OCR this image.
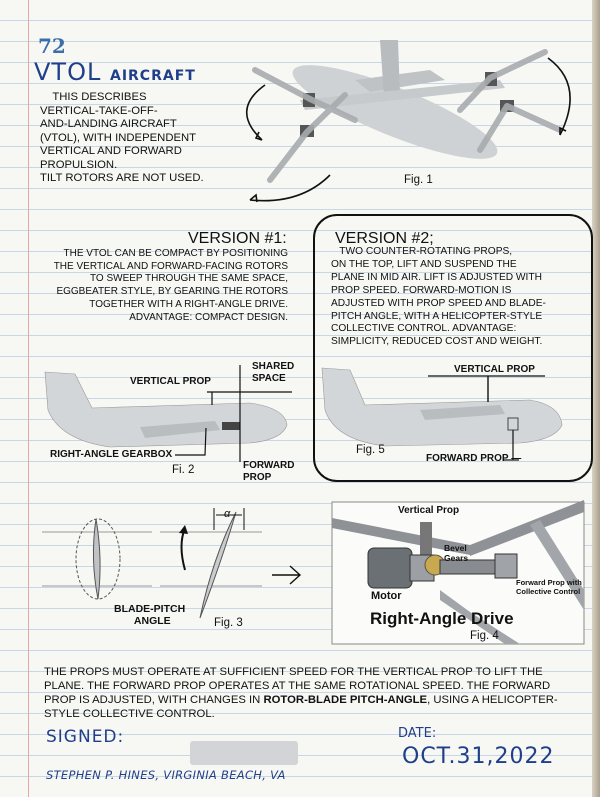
72
VTOL AIRCRAFT
THIS DESCRIBES
VERTICAL-TAKE-OFF-
AND-LANDING AIRCRAFT
(VTOL), WITH INDEPENDENT
VERTICAL AND FORWARD
PROPULSION.
TILT ROTORS ARE NOT USED.	Fig. 1
VERSION #1:
THE VTOL CAN BE COMPACT BY POSITIONING THE VERTICAL AND FORWARD-FACING ROTORS TO SWEEP THROUGH THE SAME SPACE, EGGBEATER STYLE, BY GEARING THE ROTORS TOGETHER WITH A RIGHT-ANGLE DRIVE. ADVANTAGE: COMPACT DESIGN.
VERSION #2;
TWO COUNTER-ROTATING PROPS,
ON THE TOP, LIFT AND SUSPEND THE
PLANE IN MID AIR. LIFT IS ADJUSTED WITH
PROP SPEED. FORWARD-MOTION IS
ADJUSTED WITH PROP SPEED AND BLADE-
PITCH ANGLE, WITH A HELICOPTER-STYLE
COLLECTIVE CONTROL. ADVANTAGE:
SIMPLICITY, REDUCED COST AND WEIGHT.
VERTICAL PROP
SHARED
SPACE
RIGHT-ANGLE GEARBOX
FORWARD
PROP
Fi. 2
VERTICAL PROP
FORWARD PROP —
Fig. 5
BLADE-PITCH
ANGLE
α
Fig. 3
Vertical Prop
Bevel
Gears
Forward Prop with
Collective Control
Motor
Right-Angle Drive
Fig. 4
THE PROPS MUST OPERATE AT SUFFICIENT SPEED FOR THE VERTICAL PROP TO LIFT THE PLANE. THE FORWARD PROP OPERATES AT THE SAME ROTATIONAL SPEED. THE FORWARD PROP IS ADJUSTED, WITH CHANGES IN ROTOR-BLADE PITCH-ANGLE, USING A HELICOPTER-STYLE COLLECTIVE CONTROL.
SIGNED:	DATE:
OCT.31,2022
STEPHEN P. HINES, VIRGINIA BEACH, VA
